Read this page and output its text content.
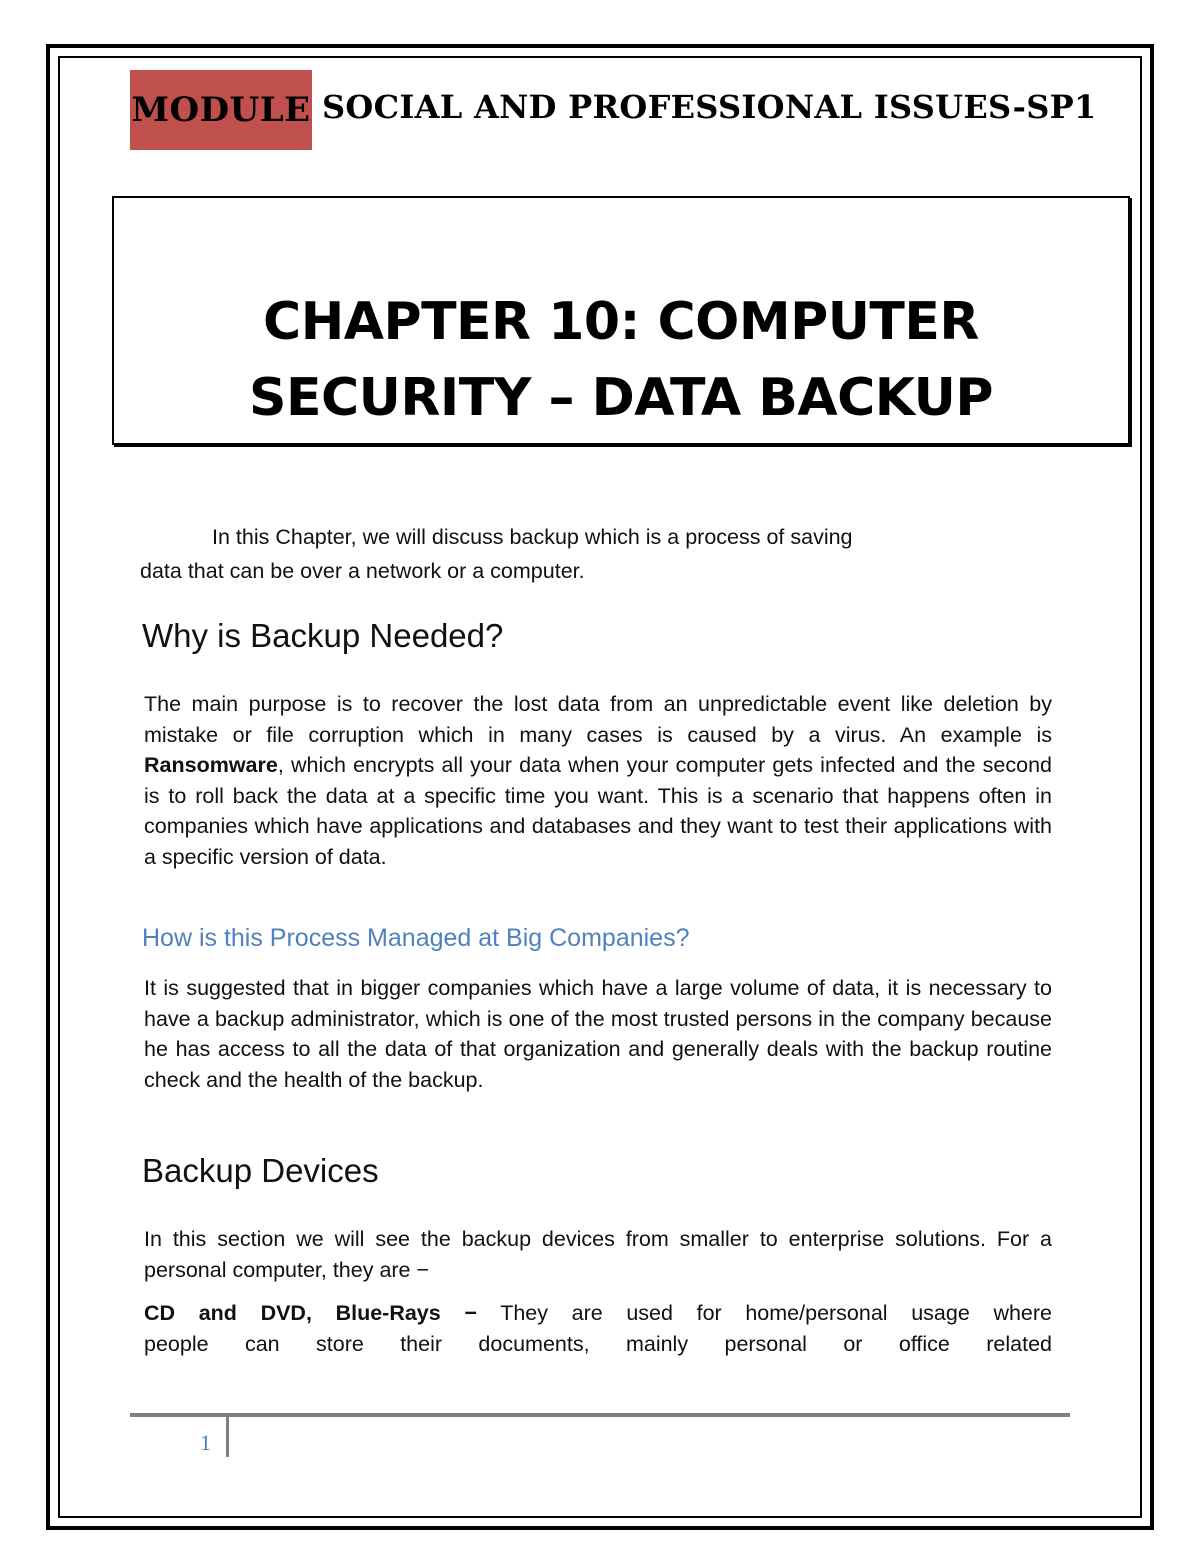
MODULE SOCIAL AND PROFESSIONAL ISSUES-SP1
CHAPTER 10: COMPUTER
SECURITY – DATA BACKUP
In this Chapter, we will discuss backup which is a process of saving
data that can be over a network or a computer.
Why is Backup Needed?
The main purpose is to recover the lost data from an unpredictable event like deletion by mistake or file corruption which in many cases is caused by a virus. An example is Ransomware, which encrypts all your data when your computer gets infected and the second is to roll back the data at a specific time you want. This is a scenario that happens often in companies which have applications and databases and they want to test their applications with a specific version of data.
How is this Process Managed at Big Companies?
It is suggested that in bigger companies which have a large volume of data, it is necessary to have a backup administrator, which is one of the most trusted persons in the company because he has access to all the data of that organization and generally deals with the backup routine check and the health of the backup.
Backup Devices
In this section we will see the backup devices from smaller to enterprise solutions. For a personal computer, they are −
CD and DVD, Blue-Rays − They are used for home/personal usage where
people can store their documents, mainly personal or office related
1
